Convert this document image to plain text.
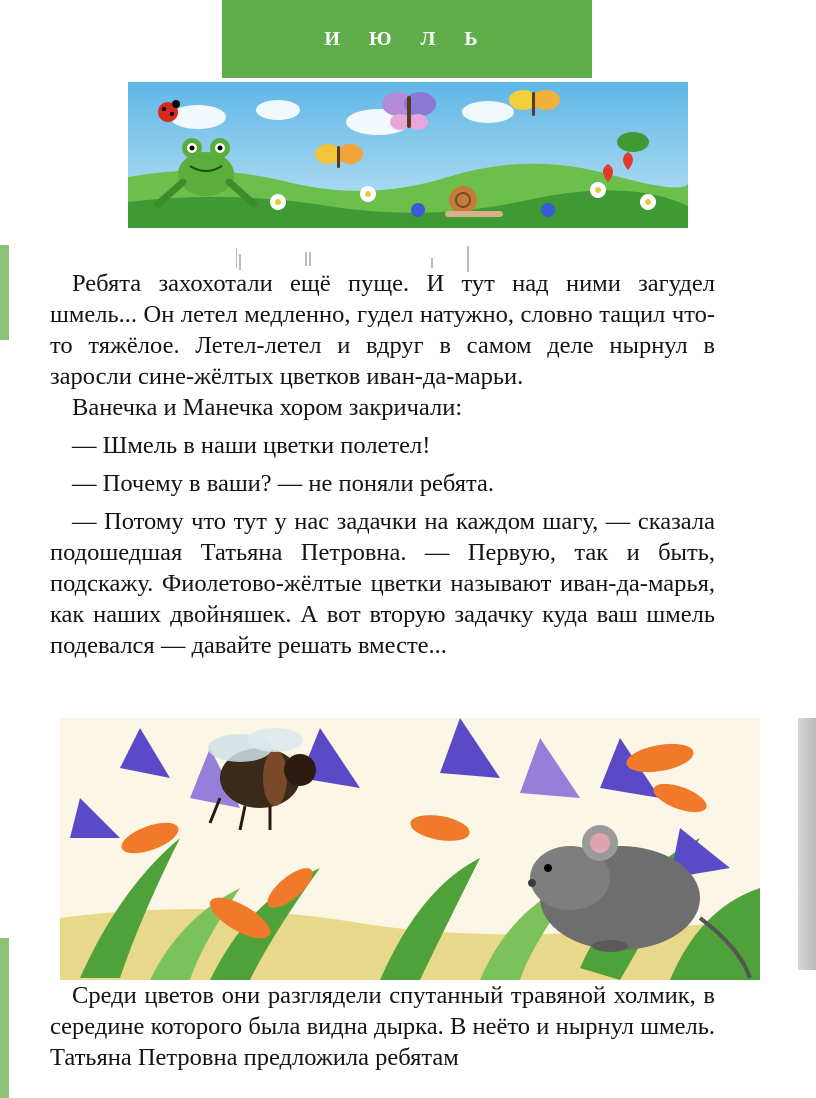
И Ю Л Ь

Ребята захохотали ещё пуще. И тут над ними загудел шмель... Он летел медленно, гудел натужно, словно тащил что-то тяжёлое. Летел-летел и вдруг в самом деле нырнул в заросли сине-жёлтых цветков иван-да-марьи.

Ванечка и Манечка хором закричали:

— Шмель в наши цветки полетел!

— Почему в ваши? — не поняли ребята.

— Потому что тут у нас задачки на каждом шагу, — сказала подошедшая Татьяна Петровна. — Первую, так и быть, подскажу. Фиолетово-жёлтые цветки называют иван-да-марья, как наших двойняшек. А вот вторую задачку куда ваш шмель подевался — давайте решать вместе...

Среди цветов они разглядели спутанный травяной холмик, в середине которого была видна дырка. В неёто и нырнул шмель. Татьяна Петровна предложила ребятам
